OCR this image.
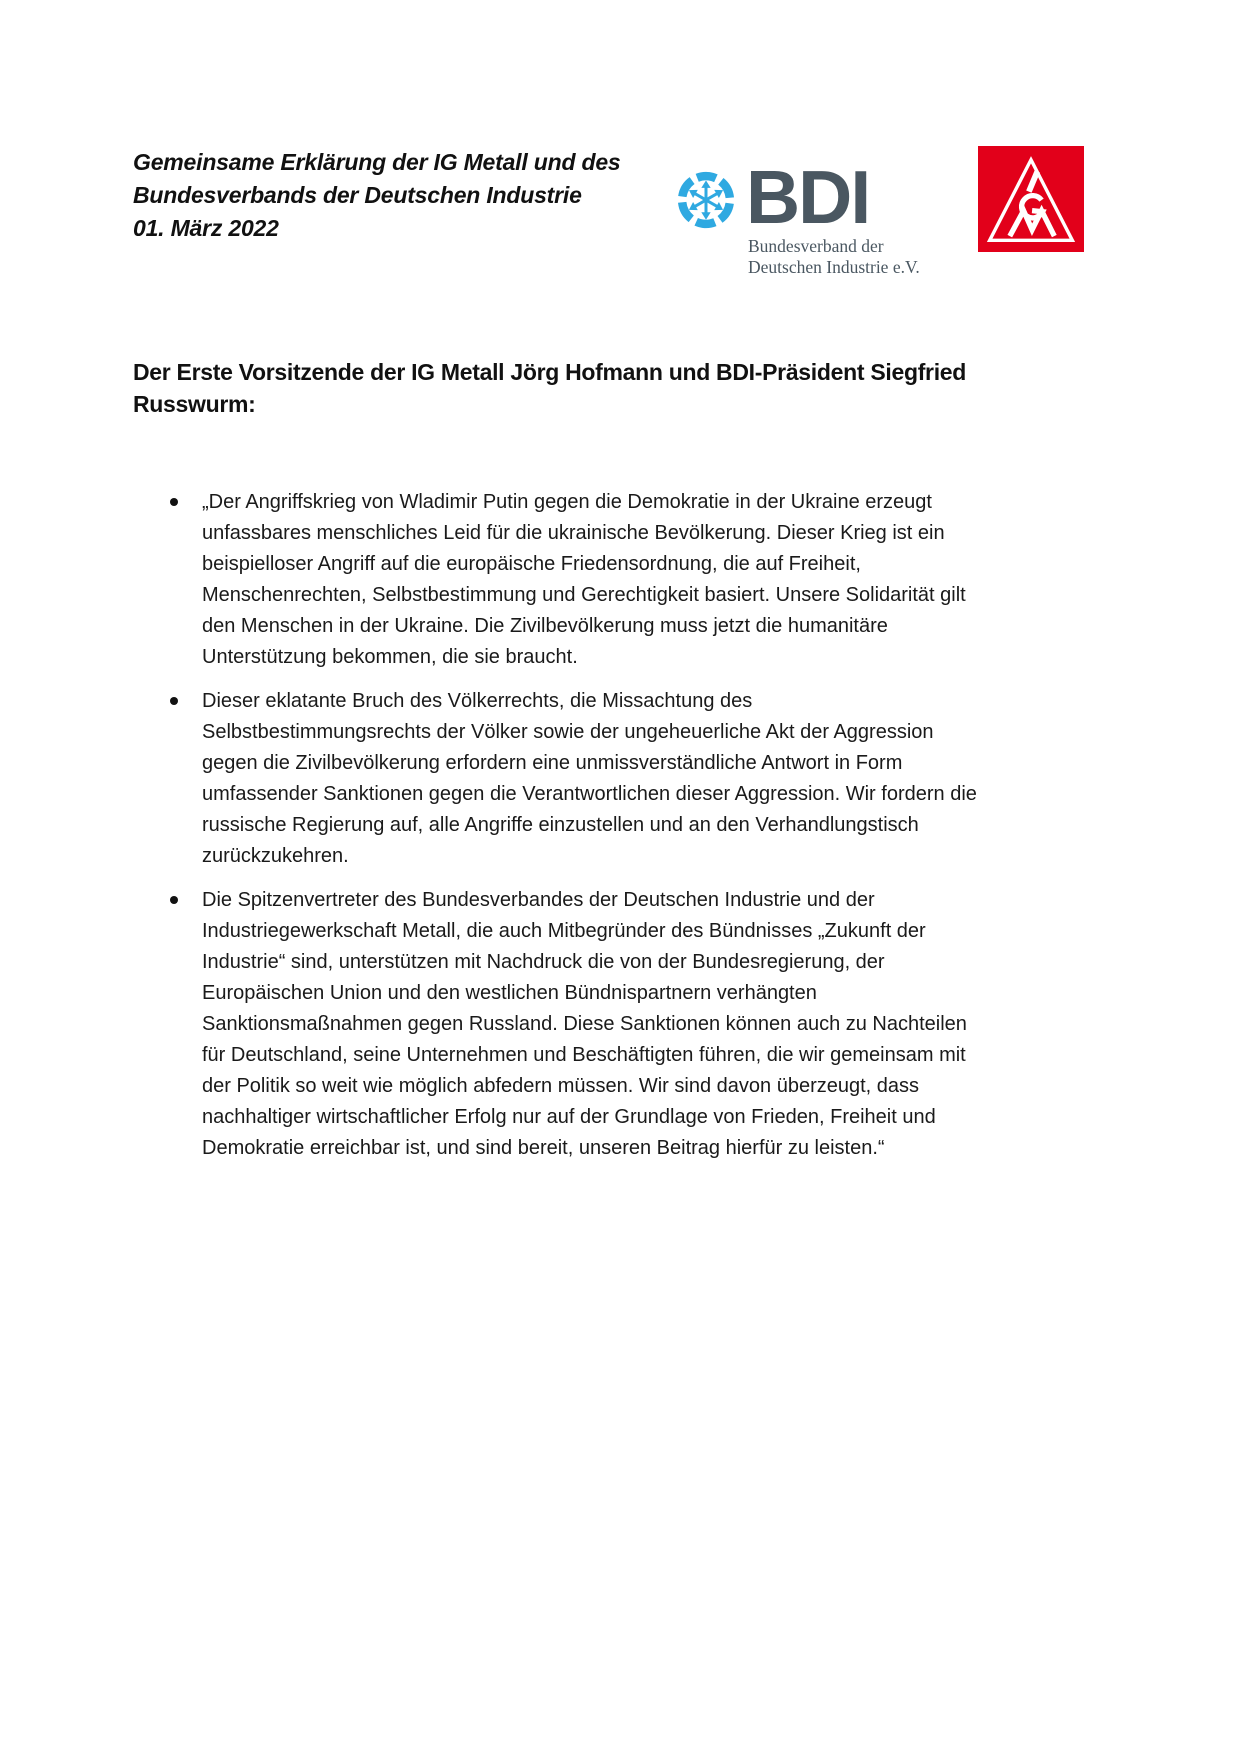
Gemeinsame Erklärung der IG Metall und des
Bundesverbands der Deutschen Industrie
01. März 2022	BDI
Bundesverband der
Deutschen Industrie e.V.
Der Erste Vorsitzende der IG Metall Jörg Hofmann und BDI-Präsident Siegfried
Russwurm:
„Der Angriffskrieg von Wladimir Putin gegen die Demokratie in der Ukraine erzeugt unfassbares menschliches Leid für die ukrainische Bevölkerung. Dieser Krieg ist ein beispielloser Angriff auf die europäische Friedensordnung, die auf Freiheit, Menschenrechten, Selbstbestimmung und Gerechtigkeit basiert. Unsere Solidarität gilt den Menschen in der Ukraine. Die Zivilbevölkerung muss jetzt die humanitäre Unterstützung bekommen, die sie braucht.
Dieser eklatante Bruch des Völkerrechts, die Missachtung des Selbstbestimmungsrechts der Völker sowie der ungeheuerliche Akt der Aggression gegen die Zivilbevölkerung erfordern eine unmissverständliche Antwort in Form umfassender Sanktionen gegen die Verantwortlichen dieser Aggression. Wir fordern die russische Regierung auf, alle Angriffe einzustellen und an den Verhandlungstisch zurückzukehren.
Die Spitzenvertreter des Bundesverbandes der Deutschen Industrie und der Industriegewerkschaft Metall, die auch Mitbegründer des Bündnisses „Zukunft der Industrie“ sind, unterstützen mit Nachdruck die von der Bundesregierung, der Europäischen Union und den westlichen Bündnispartnern verhängten Sanktionsmaßnahmen gegen Russland. Diese Sanktionen können auch zu Nachteilen für Deutschland, seine Unternehmen und Beschäftigten führen, die wir gemeinsam mit der Politik so weit wie möglich abfedern müssen. Wir sind davon überzeugt, dass nachhaltiger wirtschaftlicher Erfolg nur auf der Grundlage von Frieden, Freiheit und Demokratie erreichbar ist, und sind bereit, unseren Beitrag hierfür zu leisten.“
